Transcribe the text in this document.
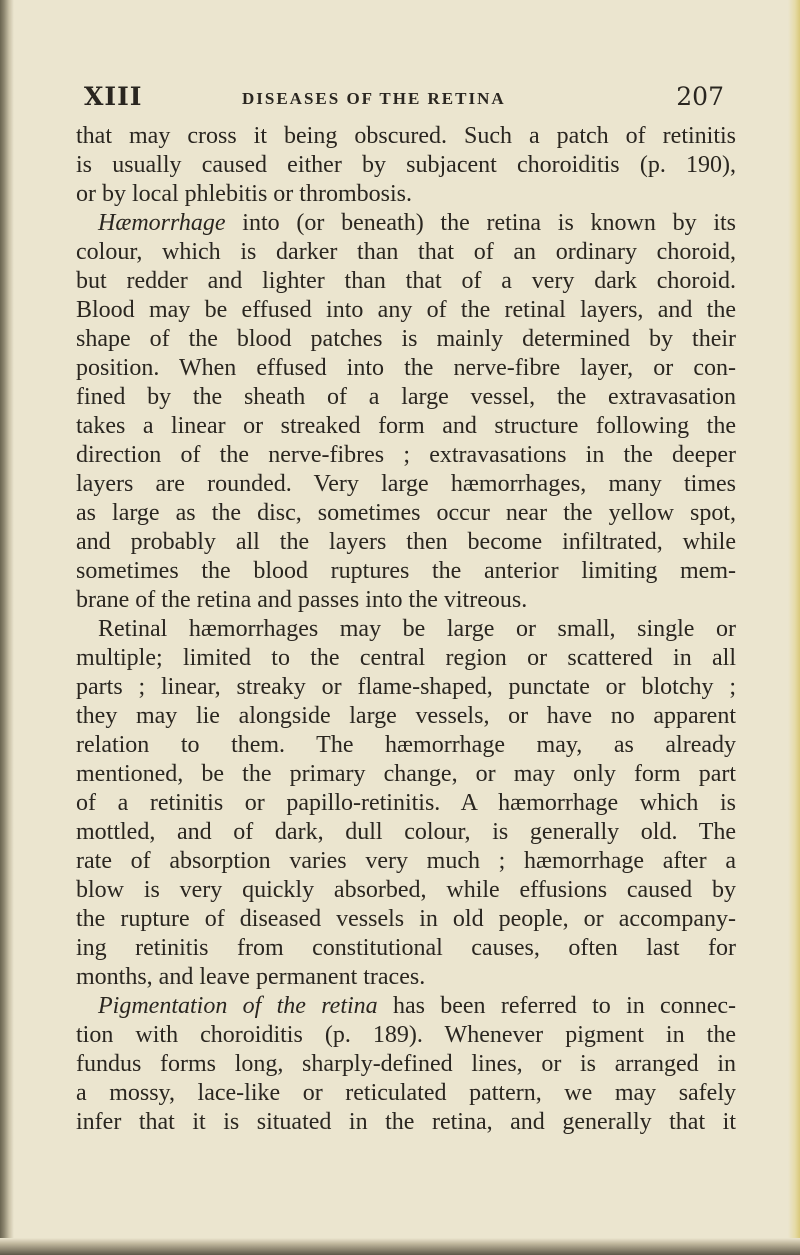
XIII	DISEASES OF THE RETINA	207
that may cross it being obscured. Such a patch of retinitis
is usually caused either by subjacent choroiditis (p. 190),
or by local phlebitis or thrombosis.
Hæmorrhage into (or beneath) the retina is known by its
colour, which is darker than that of an ordinary choroid,
but redder and lighter than that of a very dark choroid.
Blood may be effused into any of the retinal layers, and the
shape of the blood patches is mainly determined by their
position. When effused into the nerve-fibre layer, or con-
fined by the sheath of a large vessel, the extravasation
takes a linear or streaked form and structure following the
direction of the nerve-fibres ; extravasations in the deeper
layers are rounded. Very large hæmorrhages, many times
as large as the disc, sometimes occur near the yellow spot,
and probably all the layers then become infiltrated, while
sometimes the blood ruptures the anterior limiting mem-
brane of the retina and passes into the vitreous.
Retinal hæmorrhages may be large or small, single or
multiple; limited to the central region or scattered in all
parts ; linear, streaky or flame-shaped, punctate or blotchy ;
they may lie alongside large vessels, or have no apparent
relation to them. The hæmorrhage may, as already
mentioned, be the primary change, or may only form part
of a retinitis or papillo-retinitis. A hæmorrhage which is
mottled, and of dark, dull colour, is generally old. The
rate of absorption varies very much ; hæmorrhage after a
blow is very quickly absorbed, while effusions caused by
the rupture of diseased vessels in old people, or accompany-
ing retinitis from constitutional causes, often last for
months, and leave permanent traces.
Pigmentation of the retina has been referred to in connec-
tion with choroiditis (p. 189). Whenever pigment in the
fundus forms long, sharply-defined lines, or is arranged in
a mossy, lace-like or reticulated pattern, we may safely
infer that it is situated in the retina, and generally that it
